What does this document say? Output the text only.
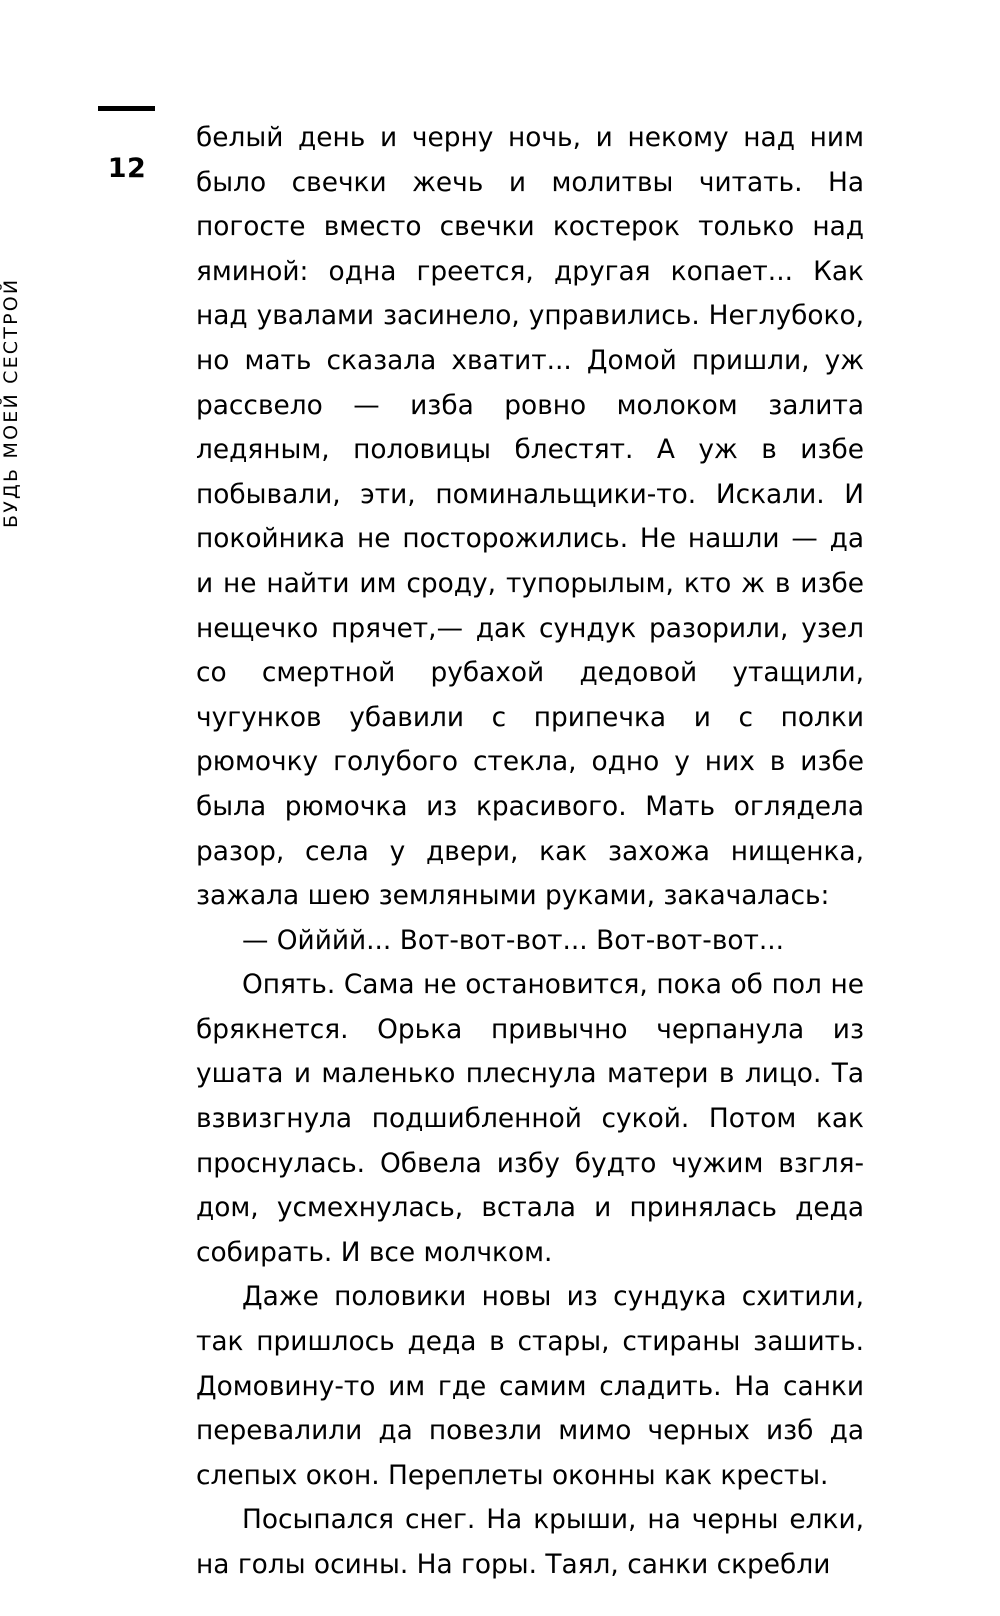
12
БУДЬ МОЕЙ СЕСТРОЙ

белый день и черну ночь, и некому над ним было свечки жечь и молитвы читать. На погосте вместо свечки костерок только над яминой: одна греется, другая копает... Как над увалами засинело, управились. Неглубоко, но мать сказала хватит... Домой пришли, уж рассвело — изба ровно молоком залита ледяным, половицы блестят. А уж в избе побывали, эти, поминальщики-то. Искали. И покойника не посторожились. Не нашли — да и не найти им сроду, тупорылым, кто ж в избе нещечко прячет,— дак сундук разорили, узел со смертной рубахой дедовой утащили, чугунков убавили с припечка и с полки рюмочку голубого стекла, одно у них в избе была рюмочка из красивого. Мать оглядела разор, села у двери, как захожа нищенка, зажала шею земляными руками, закачалась:

— Ойййй... Вот-вот-вот... Вот-вот-вот...

Опять. Сама не остановится, пока об пол не брякнется. Орька привычно черпанула из ушата и маленько плеснула матери в лицо. Та взвизгнула подшибленной сукой. Потом как проснулась. Обвела избу будто чужим взглядом, усмехнулась, встала и принялась деда собирать. И все молчком.

Даже половики новы из сундука схитили, так пришлось деда в стары, стираны зашить. Домовину-то им где самим сладить. На санки перевалили да повезли мимо черных изб да слепых окон. Переплеты оконны как кресты.

Посыпался снег. На крыши, на черны елки, на голы осины. На горы. Таял, санки скребли
